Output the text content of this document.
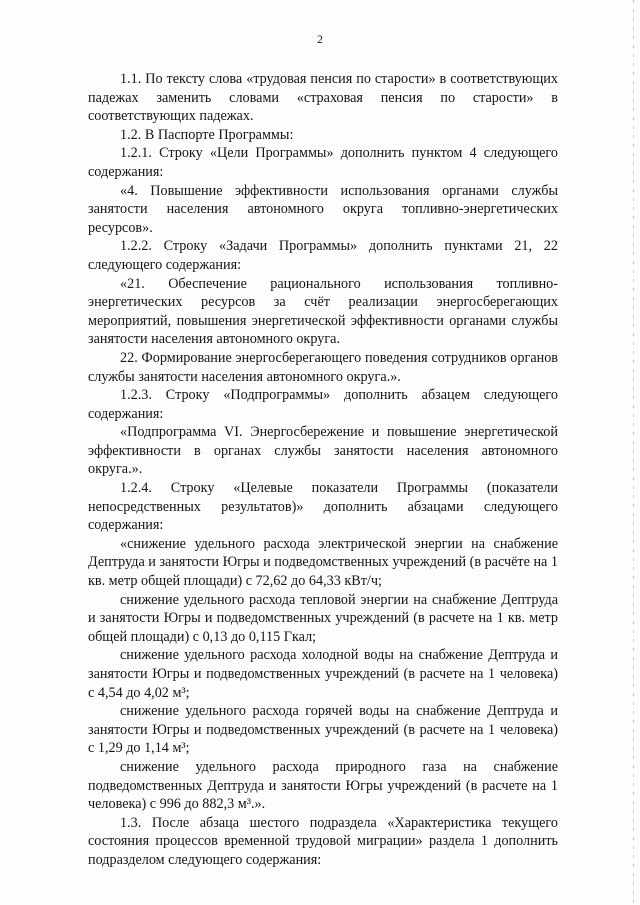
2

1.1. По тексту слова «трудовая пенсия по старости» в соответствующих падежах заменить словами «страховая пенсия по старости» в соответствующих падежах.

1.2. В Паспорте Программы:

1.2.1. Строку «Цели Программы» дополнить пунктом 4 следующего содержания:

«4. Повышение эффективности использования органами службы занятости населения автономного округа топливно-энергетических ресурсов».

1.2.2. Строку «Задачи Программы» дополнить пунктами 21, 22 следующего содержания:

«21. Обеспечение рационального использования топливно-энергетических ресурсов за счёт реализации энергосберегающих мероприятий, повышения энергетической эффективности органами службы занятости населения автономного округа.

22. Формирование энергосберегающего поведения сотрудников органов службы занятости населения автономного округа.».

1.2.3. Строку «Подпрограммы» дополнить абзацем следующего содержания:

«Подпрограмма VI. Энергосбережение и повышение энергетической эффективности в органах службы занятости населения автономного округа.».

1.2.4. Строку «Целевые показатели Программы (показатели непосредственных результатов)» дополнить абзацами следующего содержания:

«снижение удельного расхода электрической энергии на снабжение Дептруда и занятости Югры и подведомственных учреждений (в расчёте на 1 кв. метр общей площади) с 72,62 до 64,33 кВт/ч;

снижение удельного расхода тепловой энергии на снабжение Дептруда и занятости Югры и подведомственных учреждений (в расчете на 1 кв. метр общей площади) с 0,13 до 0,115 Гкал;

снижение удельного расхода холодной воды на снабжение Дептруда и занятости Югры и подведомственных учреждений (в расчете на 1 человека) с 4,54 до 4,02 м³;

снижение удельного расхода горячей воды на снабжение Дептруда и занятости Югры и подведомственных учреждений (в расчете на 1 человека) с 1,29 до 1,14 м³;

снижение удельного расхода природного газа на снабжение подведомственных Дептруда и занятости Югры учреждений (в расчете на 1 человека) с 996 до 882,3 м³.».

1.3. После абзаца шестого подраздела «Характеристика текущего состояния процессов временной трудовой миграции» раздела 1 дополнить подразделом следующего содержания:
